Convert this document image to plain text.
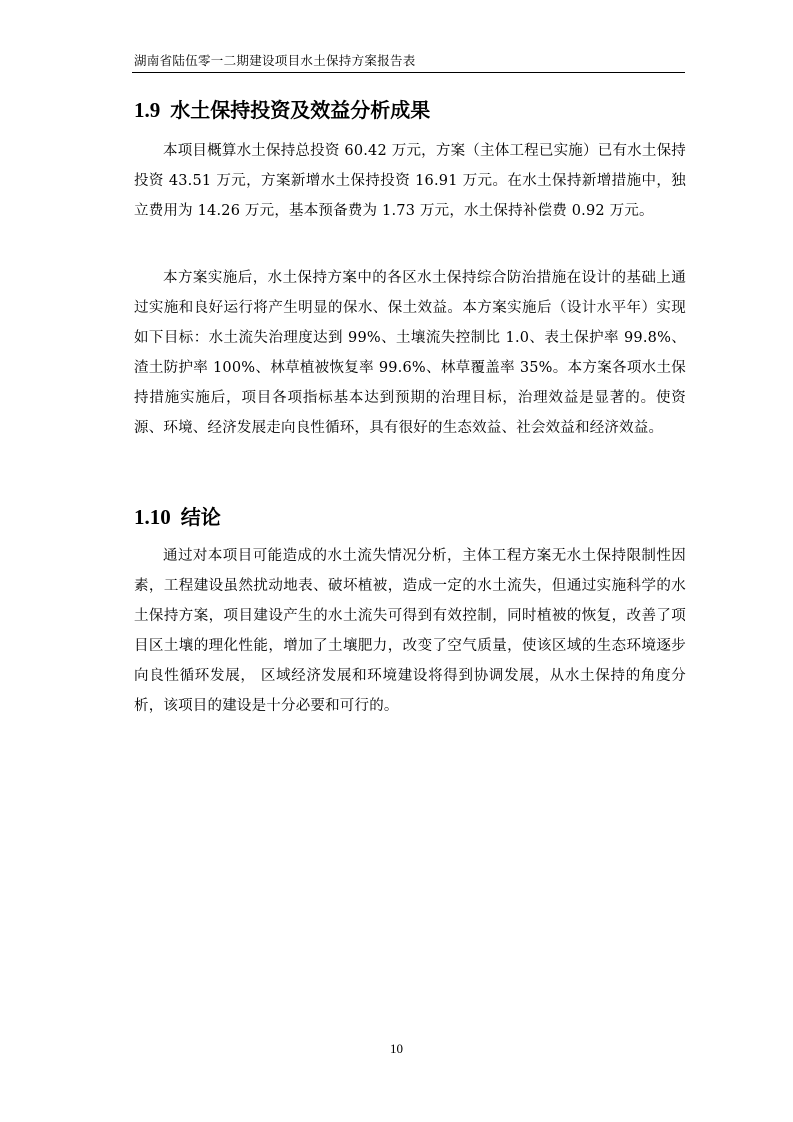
湖南省陆伍零一二期建设项目水土保持方案报告表
1.9 水土保持投资及效益分析成果

本项目概算水土保持总投资 60.42 万元，方案（主体工程已实施）已有水土保持投资 43.51 万元，方案新增水土保持投资 16.91 万元。在水土保持新增措施中，独立费用为 14.26 万元，基本预备费为 1.73 万元，水土保持补偿费 0.92 万元。

本方案实施后，水土保持方案中的各区水土保持综合防治措施在设计的基础上通过实施和良好运行将产生明显的保水、保土效益。本方案实施后（设计水平年）实现如下目标：水土流失治理度达到 99%、土壤流失控制比 1.0、表土保护率 99.8%、渣土防护率 100%、林草植被恢复率 99.6%、林草覆盖率 35%。本方案各项水土保持措施实施后，项目各项指标基本达到预期的治理目标，治理效益是显著的。使资源、环境、经济发展走向良性循环，具有很好的生态效益、社会效益和经济效益。

1.10 结论

通过对本项目可能造成的水土流失情况分析，主体工程方案无水土保持限制性因素，工程建设虽然扰动地表、破坏植被，造成一定的水土流失，但通过实施科学的水土保持方案，项目建设产生的水土流失可得到有效控制，同时植被的恢复，改善了项目区土壤的理化性能，增加了土壤肥力，改变了空气质量，使该区域的生态环境逐步向良性循环发展， 区域经济发展和环境建设将得到协调发展，从水土保持的角度分析，该项目的建设是十分必要和可行的。

10
